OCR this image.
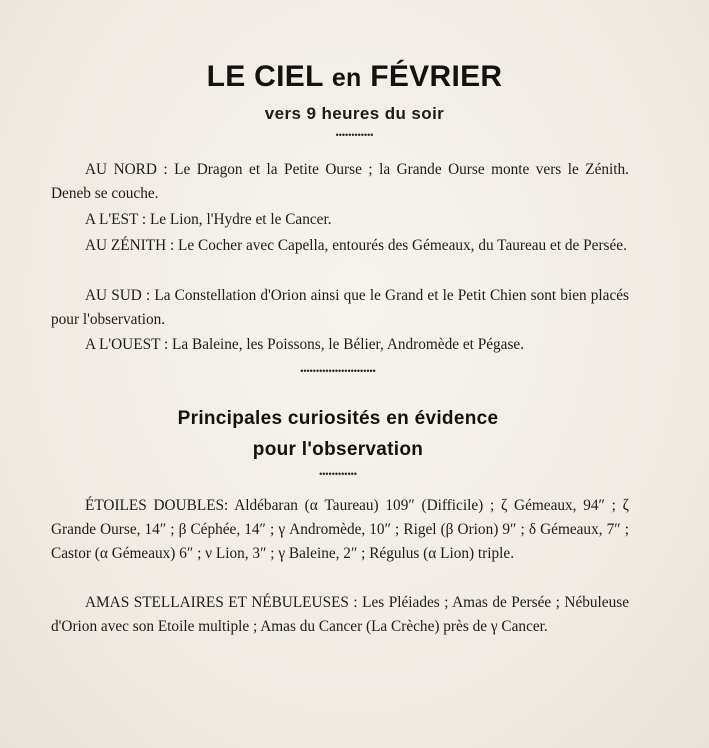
LE CIEL en FÉVRIER
vers 9 heures du soir
••••••••••••

AU NORD : Le Dragon et la Petite Ourse ; la Grande Ourse monte vers le Zénith. Deneb se couche.

A L'EST : Le Lion, l'Hydre et le Cancer.

AU ZÉNITH : Le Cocher avec Capella, entourés des Gémeaux, du Taureau et de Persée.

AU SUD : La Constellation d'Orion ainsi que le Grand et le Petit Chien sont bien placés pour l'observation.

A L'OUEST : La Baleine, les Poissons, le Bélier, Andromède et Pégase.

••••••••••••••••••••••••
Principales curiosités en évidence
pour l'observation
••••••••••••

ÉTOILES DOUBLES: Aldébaran (α Taureau) 109″ (Difficile) ; ζ Gémeaux, 94″ ; ζ Grande Ourse, 14″ ; β Céphée, 14″ ; γ Andromède, 10″ ; Rigel (β Orion) 9″ ; δ Gémeaux, 7″ ; Castor (α Gémeaux) 6″ ; ν Lion, 3″ ; γ Baleine, 2″ ; Régulus (α Lion) triple.

AMAS STELLAIRES ET NÉBULEUSES : Les Pléiades ; Amas de Persée ; Nébuleuse d'Orion avec son Etoile multiple ; Amas du Cancer (La Crèche) près de γ Cancer.
